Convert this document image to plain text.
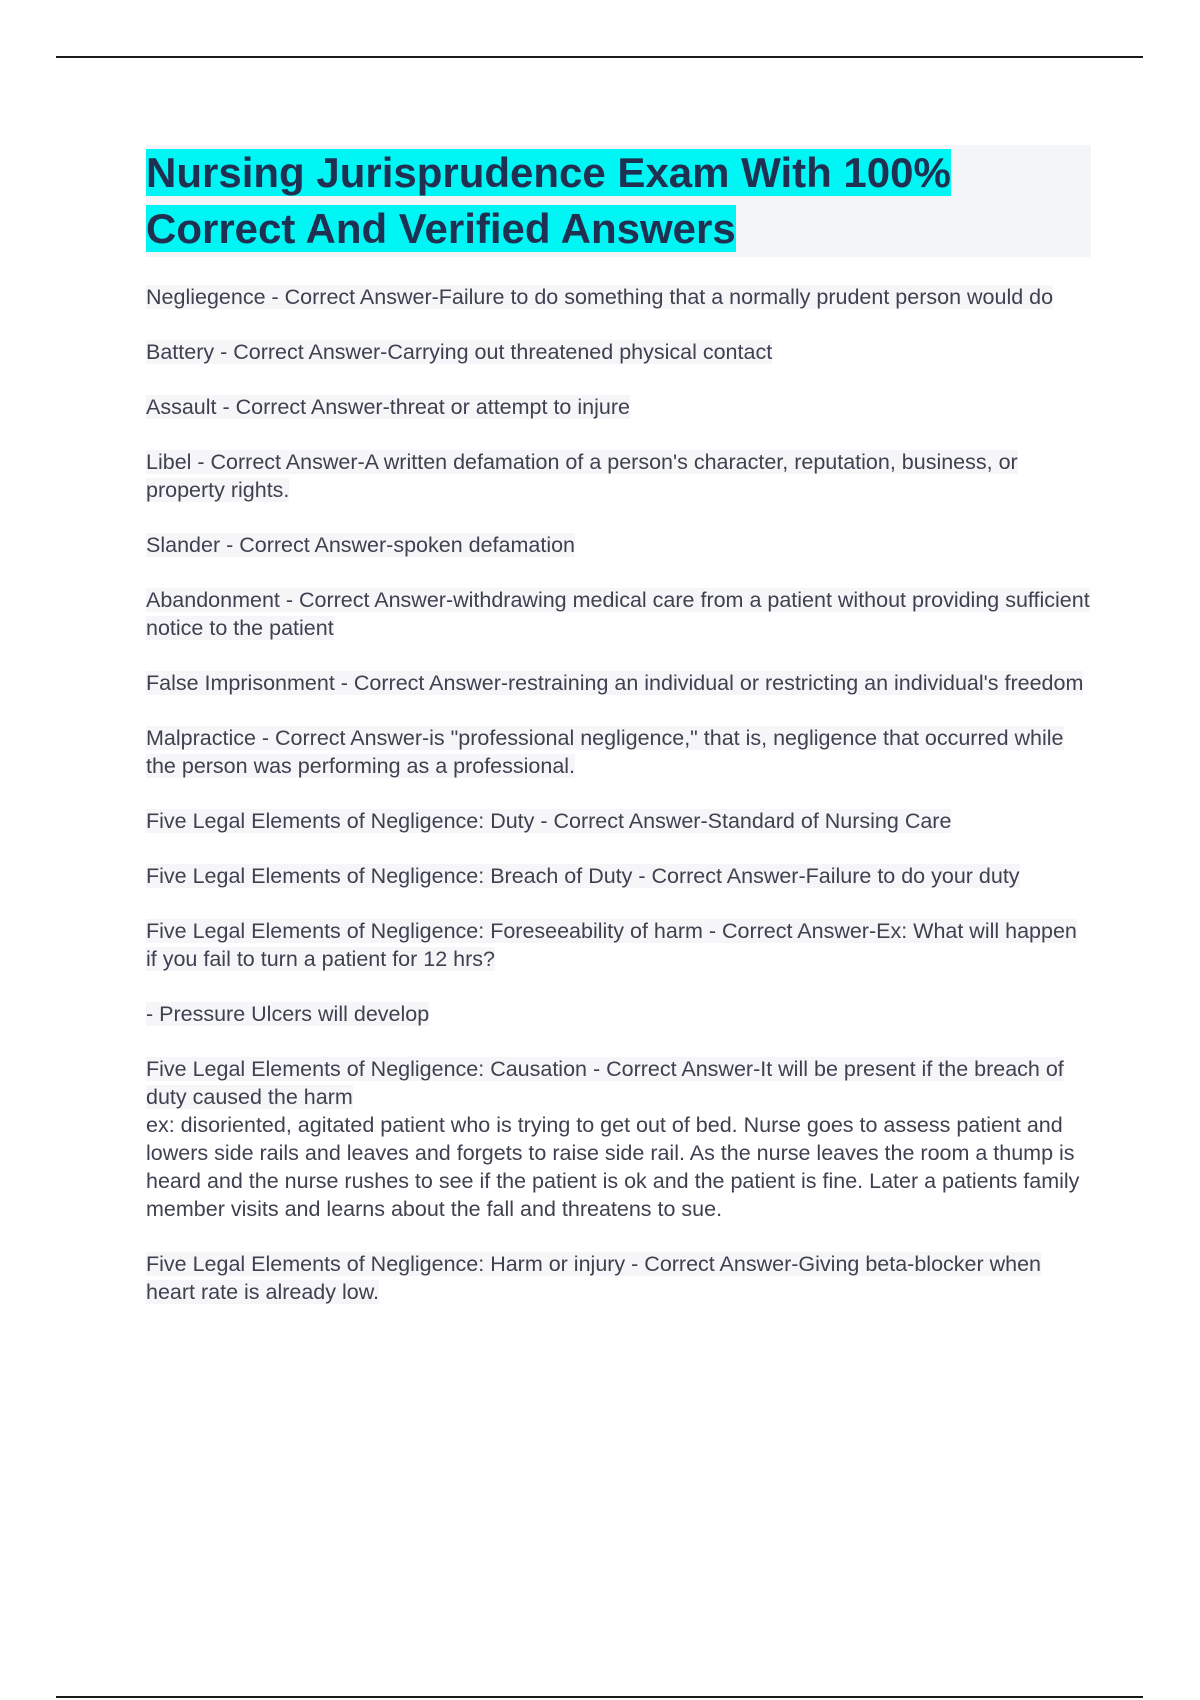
Nursing Jurisprudence Exam With 100% Correct And Verified Answers

Negliegence - Correct Answer-Failure to do something that a normally prudent person would do

Battery - Correct Answer-Carrying out threatened physical contact

Assault - Correct Answer-threat or attempt to injure

Libel - Correct Answer-A written defamation of a person's character, reputation, business, or property rights.

Slander - Correct Answer-spoken defamation

Abandonment - Correct Answer-withdrawing medical care from a patient without providing sufficient notice to the patient

False Imprisonment - Correct Answer-restraining an individual or restricting an individual's freedom

Malpractice - Correct Answer-is "professional negligence," that is, negligence that occurred while the person was performing as a professional.

Five Legal Elements of Negligence: Duty - Correct Answer-Standard of Nursing Care

Five Legal Elements of Negligence: Breach of Duty - Correct Answer-Failure to do your duty

Five Legal Elements of Negligence: Foreseeability of harm - Correct Answer-Ex: What will happen if you fail to turn a patient for 12 hrs?

- Pressure Ulcers will develop

Five Legal Elements of Negligence: Causation - Correct Answer-It will be present if the breach of duty caused the harm
ex: disoriented, agitated patient who is trying to get out of bed. Nurse goes to assess patient and lowers side rails and leaves and forgets to raise side rail. As the nurse leaves the room a thump is heard and the nurse rushes to see if the patient is ok and the patient is fine. Later a patients family member visits and learns about the fall and threatens to sue.

Five Legal Elements of Negligence: Harm or injury - Correct Answer-Giving beta-blocker when heart rate is already low.
